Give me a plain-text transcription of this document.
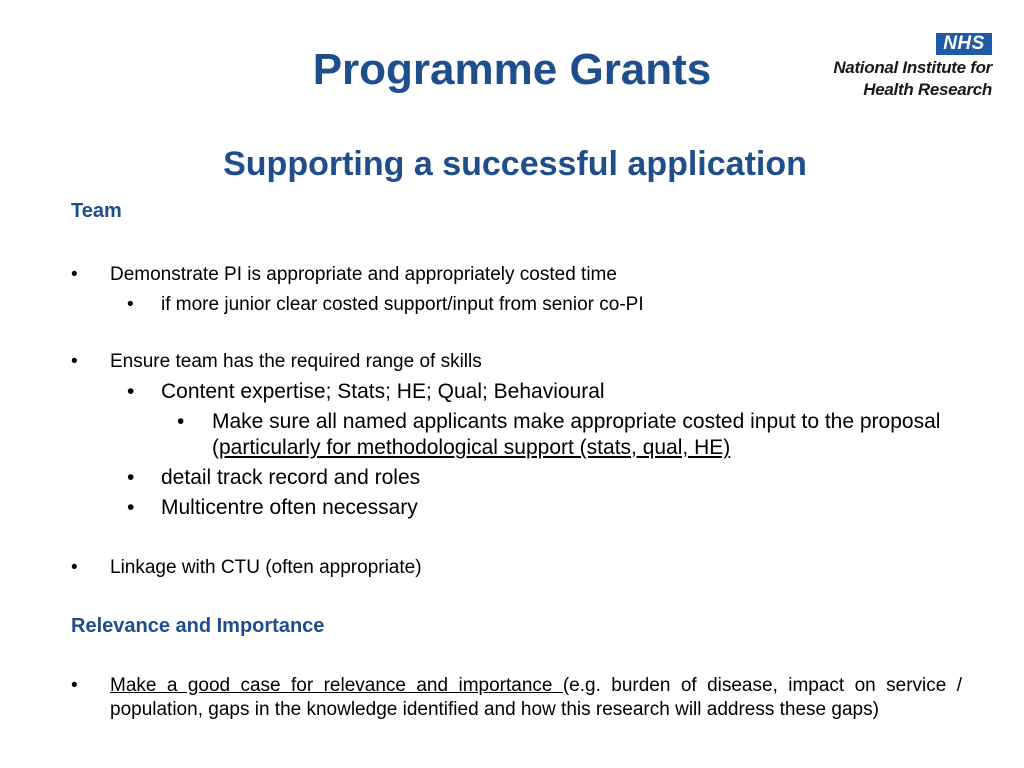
Programme Grants
NHS
National Institute for
Health Research
Supporting a successful application
Team
• Demonstrate PI is appropriate and appropriately costed time
• if more junior clear costed support/input from senior co-PI
• Ensure team has the required range of skills
• Content expertise; Stats; HE; Qual; Behavioural
• Make sure all named applicants make appropriate costed input to the proposal (particularly for methodological support (stats, qual, HE)
• detail track record and roles
• Multicentre often necessary
• Linkage with CTU (often appropriate)
Relevance and Importance
• Make a good case for relevance and importance (e.g. burden of disease, impact on service / population, gaps in the knowledge identified and how this research will address these gaps)
